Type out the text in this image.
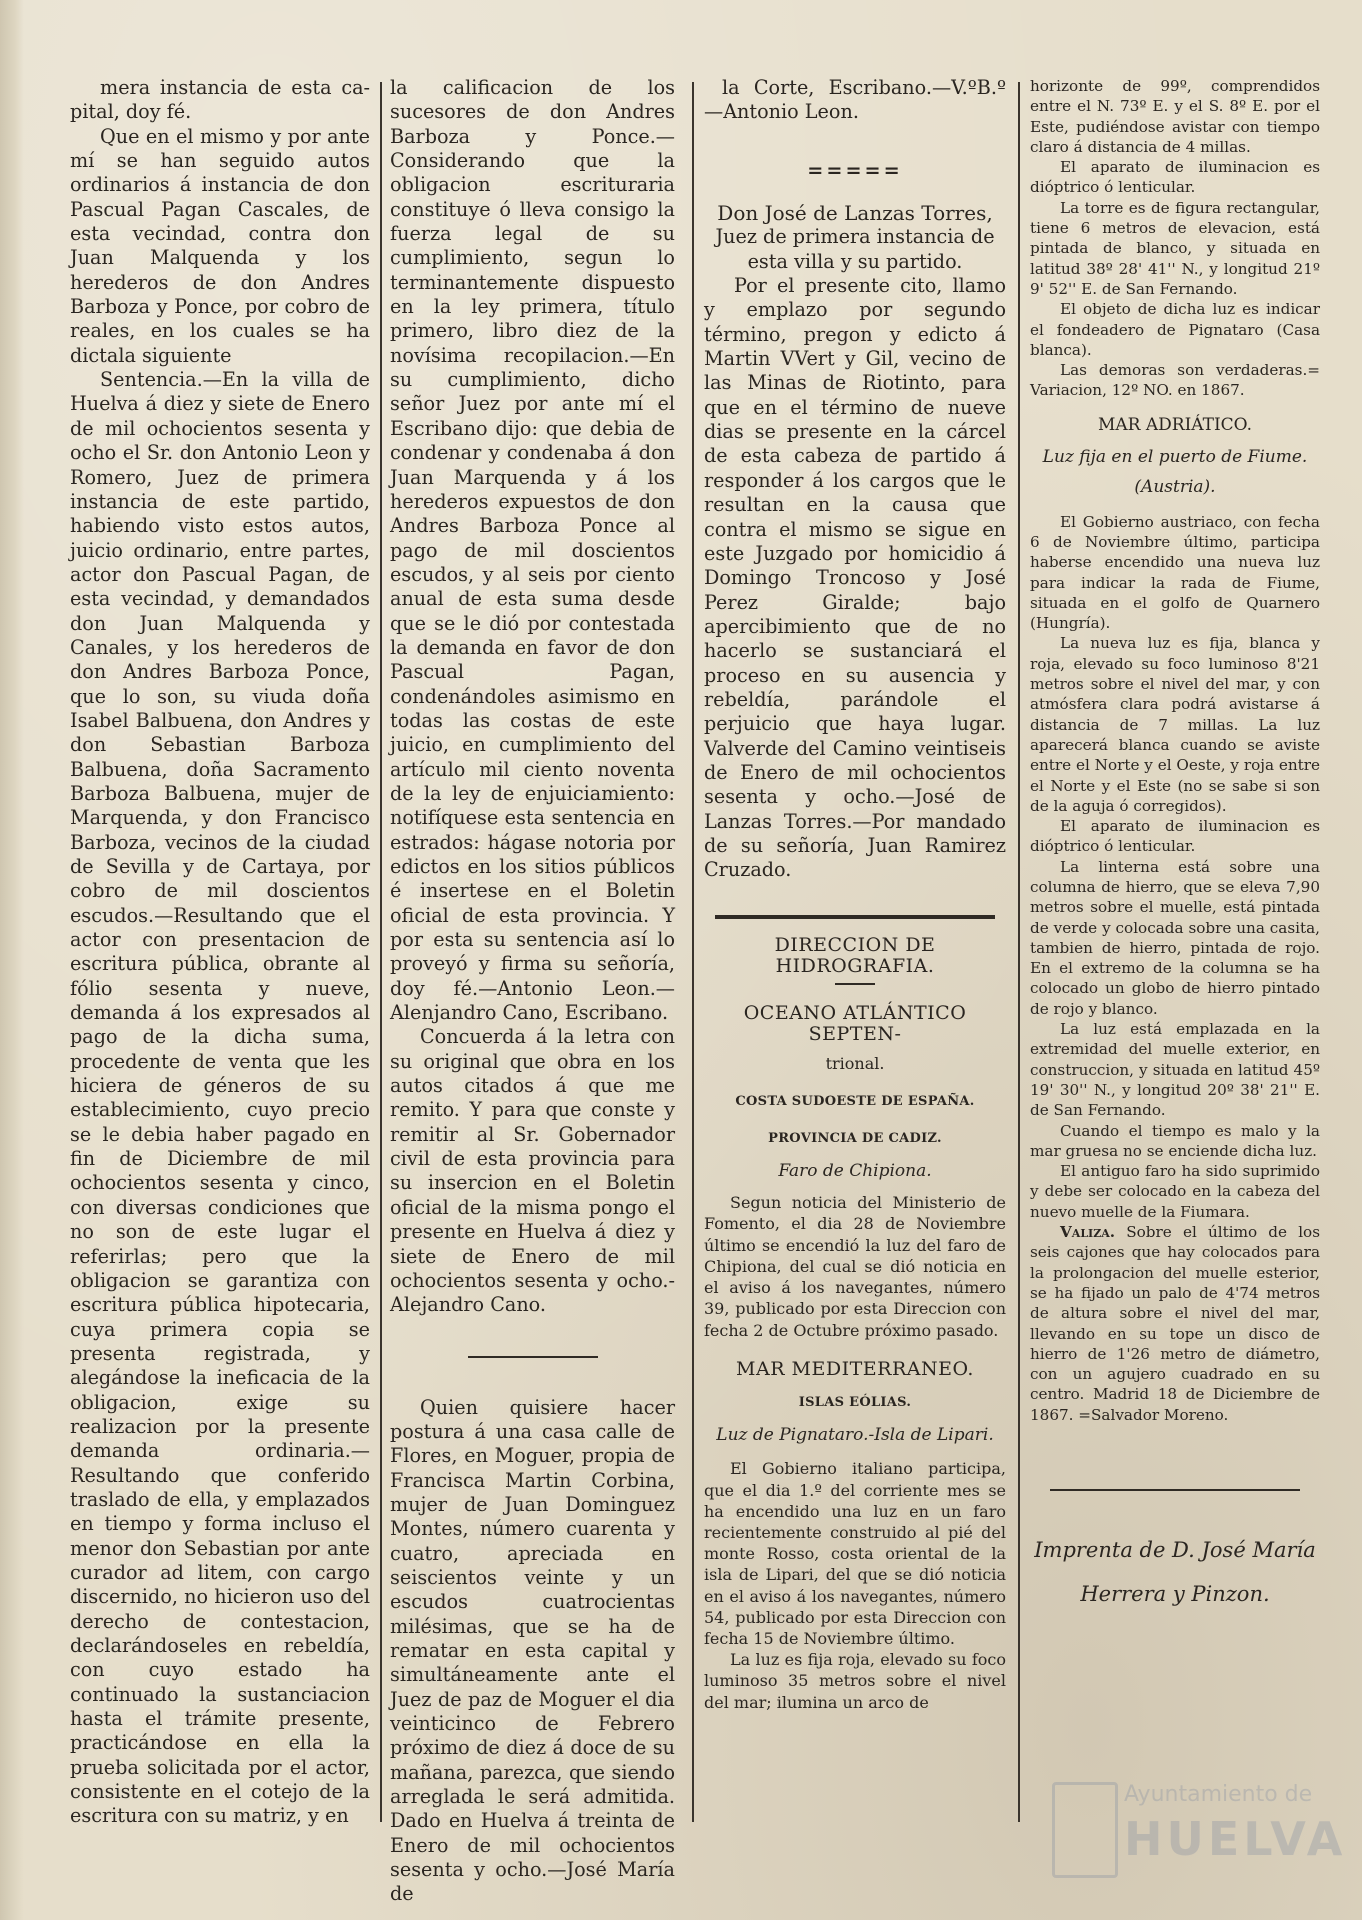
mera instancia de esta ca-pital, doy fé.

Que en el mismo y por ante mí se han seguido autos ordinarios á instancia de don Pascual Pagan Cascales, de esta vecindad, contra don Juan Malquenda y los herederos de don Andres Barboza y Ponce, por cobro de reales, en los cuales se ha dictala siguiente

Sentencia.—En la villa de Huelva á diez y siete de Enero de mil ochocientos sesenta y ocho el Sr. don Antonio Leon y Romero, Juez de primera instancia de este partido, habiendo visto estos autos, juicio ordinario, entre partes, actor don Pascual Pagan, de esta vecindad, y demandados don Juan Malquenda y Canales, y los herederos de don Andres Barboza Ponce, que lo son, su viuda doña Isabel Balbuena, don Andres y don Sebastian Barboza Balbuena, doña Sacramento Barboza Balbuena, mujer de Marquenda, y don Francisco Barboza, vecinos de la ciudad de Sevilla y de Cartaya, por cobro de mil doscientos escudos.—Resultando que el actor con presentacion de escritura pública, obrante al fólio sesenta y nueve, demanda á los expresados al pago de la dicha suma, procedente de venta que les hiciera de géneros de su establecimiento, cuyo precio se le debia haber pagado en fin de Diciembre de mil ochocientos sesenta y cinco, con diversas condiciones que no son de este lugar el referirlas; pero que la obligacion se garantiza con escritura pública hipotecaria, cuya primera copia se presenta registrada, y alegándose la ineficacia de la obligacion, exige su realizacion por la presente demanda ordinaria.—Resultando que conferido traslado de ella, y emplazados en tiempo y forma incluso el menor don Sebastian por ante curador ad litem, con cargo discernido, no hicieron uso del derecho de contestacion, declarándoseles en rebeldía, con cuyo estado ha continuado la sustanciacion hasta el trámite presente, practicándose en ella la prueba solicitada por el actor, consistente en el cotejo de la escritura con su matriz, y en

la calificacion de los sucesores de don Andres Barboza y Ponce.—Considerando que la obligacion escrituraria constituye ó lleva consigo la fuerza legal de su cumplimiento, segun lo terminantemente dispuesto en la ley primera, título primero, libro diez de la novísima recopilacion.—En su cumplimiento, dicho señor Juez por ante mí el Escribano dijo: que debia de condenar y condenaba á don Juan Marquenda y á los herederos expuestos de don Andres Barboza Ponce al pago de mil doscientos escudos, y al seis por ciento anual de esta suma desde que se le dió por contestada la demanda en favor de don Pascual Pagan, condenándoles asimismo en todas las costas de este juicio, en cumplimiento del artículo mil ciento noventa de la ley de enjuiciamiento: notifíquese esta sentencia en estrados: hágase notoria por edictos en los sitios públicos é insertese en el Boletin oficial de esta provincia. Y por esta su sentencia así lo proveyó y firma su señoría, doy fé.—Antonio Leon.—Alenjandro Cano, Escribano.

Concuerda á la letra con su original que obra en los autos citados á que me remito. Y para que conste y remitir al Sr. Gobernador civil de esta provincia para su insercion en el Boletin oficial de la misma pongo el presente en Huelva á diez y siete de Enero de mil ochocientos sesenta y ocho.-Alejandro Cano.

Quien quisiere hacer postura á una casa calle de Flores, en Moguer, propia de Francisca Martin Corbina, mujer de Juan Dominguez Montes, número cuarenta y cuatro, apreciada en seiscientos veinte y un escudos cuatrocientas milésimas, que se ha de rematar en esta capital y simultáneamente ante el Juez de paz de Moguer el dia veinticinco de Febrero próximo de diez á doce de su mañana, parezca, que siendo arreglada le será admitida. Dado en Huelva á treinta de Enero de mil ochocientos sesenta y ocho.—José María de

la Corte, Escribano.—V.ºB.º —Antonio Leon.

=====

Don José de Lanzas Torres,

Juez de primera instancia de esta villa y su partido.

Por el presente cito, llamo y emplazo por segundo término, pregon y edicto á Martin VVert y Gil, vecino de las Minas de Riotinto, para que en el término de nueve dias se presente en la cárcel de esta cabeza de partido á responder á los cargos que le resultan en la causa que contra el mismo se sigue en este Juzgado por homicidio á Domingo Troncoso y José Perez Giralde; bajo apercibimiento que de no hacerlo se sustanciará el proceso en su ausencia y rebeldía, parándole el perjuicio que haya lugar. Valverde del Camino veintiseis de Enero de mil ochocientos sesenta y ocho.—José de Lanzas Torres.—Por mandado de su señoría, Juan Ramirez Cruzado.

DIRECCION DE HIDROGRAFIA.

OCEANO ATLÁNTICO SEPTEN-

trional.

COSTA SUDOESTE DE ESPAÑA.

PROVINCIA DE CADIZ.

Faro de Chipiona.

Segun noticia del Ministerio de Fomento, el dia 28 de Noviembre último se encendió la luz del faro de Chipiona, del cual se dió noticia en el aviso á los navegantes, número 39, publicado por esta Direccion con fecha 2 de Octubre próximo pasado.

MAR MEDITERRANEO.

ISLAS EÓLIAS.

Luz de Pignataro.-Isla de Lipari.

El Gobierno italiano participa, que el dia 1.º del corriente mes se ha encendido una luz en un faro recientemente construido al pié del monte Rosso, costa oriental de la isla de Lipari, del que se dió noticia en el aviso á los navegantes, número 54, publicado por esta Direccion con fecha 15 de Noviembre último.

La luz es fija roja, elevado su foco luminoso 35 metros sobre el nivel del mar; ilumina un arco de

horizonte de 99º, comprendidos entre el N. 73º E. y el S. 8º E. por el Este, pudiéndose avistar con tiempo claro á distancia de 4 millas.

El aparato de iluminacion es dióptrico ó lenticular.

La torre es de figura rectangular, tiene 6 metros de elevacion, está pintada de blanco, y situada en latitud 38º 28' 41'' N., y longitud 21º 9' 52'' E. de San Fernando.

El objeto de dicha luz es indicar el fondeadero de Pignataro (Casa blanca).

Las demoras son verdaderas.= Variacion, 12º NO. en 1867.

MAR ADRIÁTICO.

Luz fija en el puerto de Fiume.

(Austria).

El Gobierno austriaco, con fecha 6 de Noviembre último, participa haberse encendido una nueva luz para indicar la rada de Fiume, situada en el golfo de Quarnero (Hungría).

La nueva luz es fija, blanca y roja, elevado su foco luminoso 8'21 metros sobre el nivel del mar, y con atmósfera clara podrá avistarse á distancia de 7 millas. La luz aparecerá blanca cuando se aviste entre el Norte y el Oeste, y roja entre el Norte y el Este (no se sabe si son de la aguja ó corregidos).

El aparato de iluminacion es dióptrico ó lenticular.

La linterna está sobre una columna de hierro, que se eleva 7,90 metros sobre el muelle, está pintada de verde y colocada sobre una casita, tambien de hierro, pintada de rojo. En el extremo de la columna se ha colocado un globo de hierro pintado de rojo y blanco.

La luz está emplazada en la extremidad del muelle exterior, en construccion, y situada en latitud 45º 19' 30'' N., y longitud 20º 38' 21'' E. de San Fernando.

Cuando el tiempo es malo y la mar gruesa no se enciende dicha luz.

El antiguo faro ha sido suprimido y debe ser colocado en la cabeza del nuevo muelle de la Fiumara.

Valiza. Sobre el último de los seis cajones que hay colocados para la prolongacion del muelle esterior, se ha fijado un palo de 4'74 metros de altura sobre el nivel del mar, llevando en su tope un disco de hierro de 1'26 metro de diámetro, con un agujero cuadrado en su centro. Madrid 18 de Diciembre de 1867. =Salvador Moreno.

Imprenta de D. José María
Herrera y Pinzon.
Ayuntamiento de
HUELVA
